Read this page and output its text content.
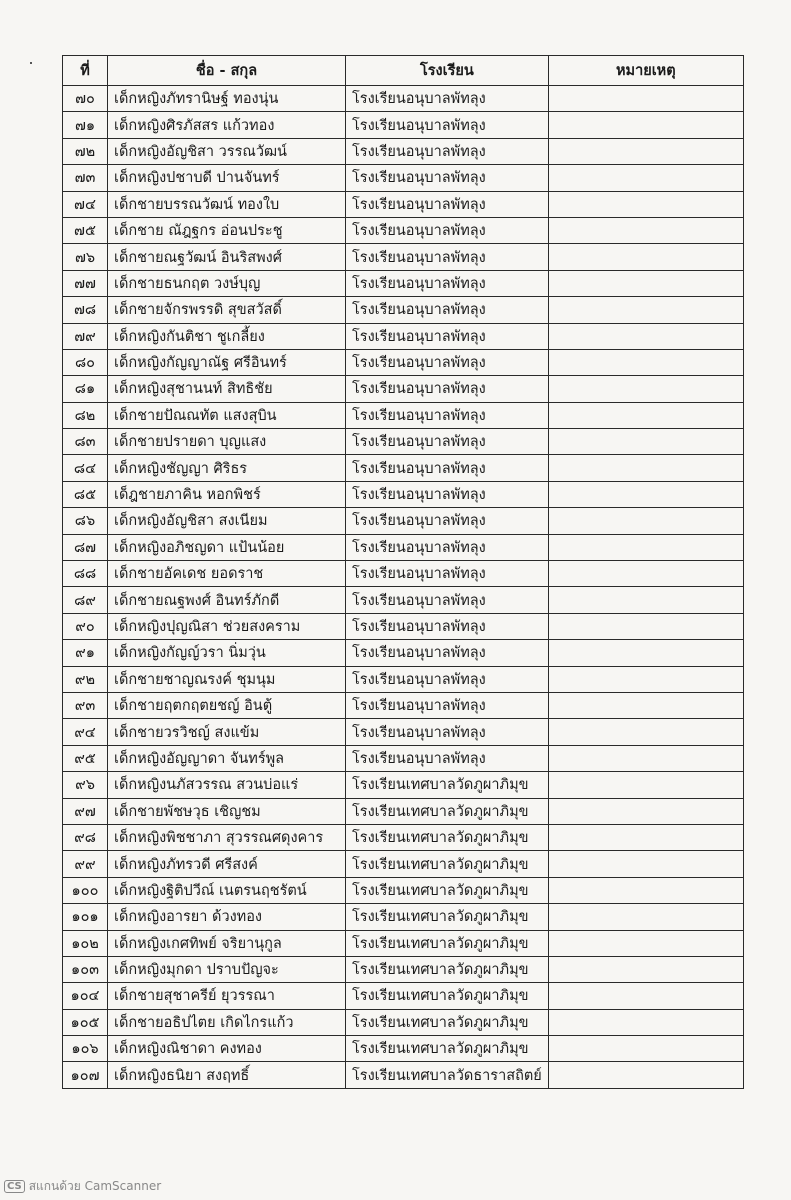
ที่	ชื่อ - สกุล	โรงเรียน	หมายเหตุ
๗๐	เด็กหญิงภัทรานิษฐ์ ทองนุ่น	โรงเรียนอนุบาลพัทลุง	
๗๑	เด็กหญิงศิรภัสสร แก้วทอง	โรงเรียนอนุบาลพัทลุง	
๗๒	เด็กหญิงอัญชิสา วรรณวัฒน์	โรงเรียนอนุบาลพัทลุง	
๗๓	เด็กหญิงปชาบดี ปานจันทร์	โรงเรียนอนุบาลพัทลุง	
๗๔	เด็กชายบรรณวัฒน์ ทองใบ	โรงเรียนอนุบาลพัทลุง	
๗๕	เด็กชาย ณัฎฐกร อ่อนประชู	โรงเรียนอนุบาลพัทลุง	
๗๖	เด็กชายณฐวัฒน์ อินริสพงศ์	โรงเรียนอนุบาลพัทลุง	
๗๗	เด็กชายธนกฤต วงษ์บุญ	โรงเรียนอนุบาลพัทลุง	
๗๘	เด็กชายจักรพรรดิ สุขสวัสดิ์	โรงเรียนอนุบาลพัทลุง	
๗๙	เด็กหญิงกันติชา ชูเกลี้ยง	โรงเรียนอนุบาลพัทลุง	
๘๐	เด็กหญิงกัญญาณัฐ ศรีอินทร์	โรงเรียนอนุบาลพัทลุง	
๘๑	เด็กหญิงสุชานนท์ สิทธิชัย	โรงเรียนอนุบาลพัทลุง	
๘๒	เด็กชายปัณณทัต แสงสุบิน	โรงเรียนอนุบาลพัทลุง	
๘๓	เด็กชายปรายดา บุญแสง	โรงเรียนอนุบาลพัทลุง	
๘๔	เด็กหญิงชัญญา ศิริธร	โรงเรียนอนุบาลพัทลุง	
๘๕	เด็ฎชายภาคิน หอกพิชร์	โรงเรียนอนุบาลพัทลุง	
๘๖	เด็กหญิงอัญชิสา สงเนียม	โรงเรียนอนุบาลพัทลุง	
๘๗	เด็กหญิงอภิชญดา แป้นน้อย	โรงเรียนอนุบาลพัทลุง	
๘๘	เด็กชายอัคเดช ยอดราช	โรงเรียนอนุบาลพัทลุง	
๘๙	เด็กชายณฐพงศ์ อินทร์ภักดี	โรงเรียนอนุบาลพัทลุง	
๙๐	เด็กหญิงปุญณิสา ช่วยสงคราม	โรงเรียนอนุบาลพัทลุง	
๙๑	เด็กหญิงกัญญ์วรา นิ่มวุ่น	โรงเรียนอนุบาลพัทลุง	
๙๒	เด็กชายชาญณรงค์ ชุมนุม	โรงเรียนอนุบาลพัทลุง	
๙๓	เด็กชายฤตกฤตยชญ์ อินตู้	โรงเรียนอนุบาลพัทลุง	
๙๔	เด็กชายวรวิชญ์ สงแข้ม	โรงเรียนอนุบาลพัทลุง	
๙๕	เด็กหญิงอัญญาดา จันทร์พูล	โรงเรียนอนุบาลพัทลุง	
๙๖	เด็กหญิงนภัสวรรณ สวนบ่อแร่	โรงเรียนเทศบาลวัดภูผาภิมุข	
๙๗	เด็กชายพัชษวุธ เชิญชม	โรงเรียนเทศบาลวัดภูผาภิมุข	
๙๘	เด็กหญิงพิชชาภา สุวรรณศดุงคาร	โรงเรียนเทศบาลวัดภูผาภิมุข	
๙๙	เด็กหญิงภัทรวดี ศรีสงค์	โรงเรียนเทศบาลวัดภูผาภิมุข	
๑๐๐	เด็กหญิงฐิติปวีณ์ เนตรนฤชรัตน์	โรงเรียนเทศบาลวัดภูผาภิมุข	
๑๐๑	เด็กหญิงอารยา ด้วงทอง	โรงเรียนเทศบาลวัดภูผาภิมุข	
๑๐๒	เด็กหญิงเกศทิพย์ จริยานุกูล	โรงเรียนเทศบาลวัดภูผาภิมุข	
๑๐๓	เด็กหญิงมุกดา ปราบปัญจะ	โรงเรียนเทศบาลวัดภูผาภิมุข	
๑๐๔	เด็กชายสุชาครีย์ ยุวรรณา	โรงเรียนเทศบาลวัดภูผาภิมุข	
๑๐๕	เด็กชายอธิปไตย เกิดไกรแก้ว	โรงเรียนเทศบาลวัดภูผาภิมุข	
๑๐๖	เด็กหญิงณิชาดา คงทอง	โรงเรียนเทศบาลวัดภูผาภิมุข	
๑๐๗	เด็กหญิงธนิยา สงฤทธิ์	โรงเรียนเทศบาลวัดธาราสถิตย์	
CS สแกนด้วย CamScanner
